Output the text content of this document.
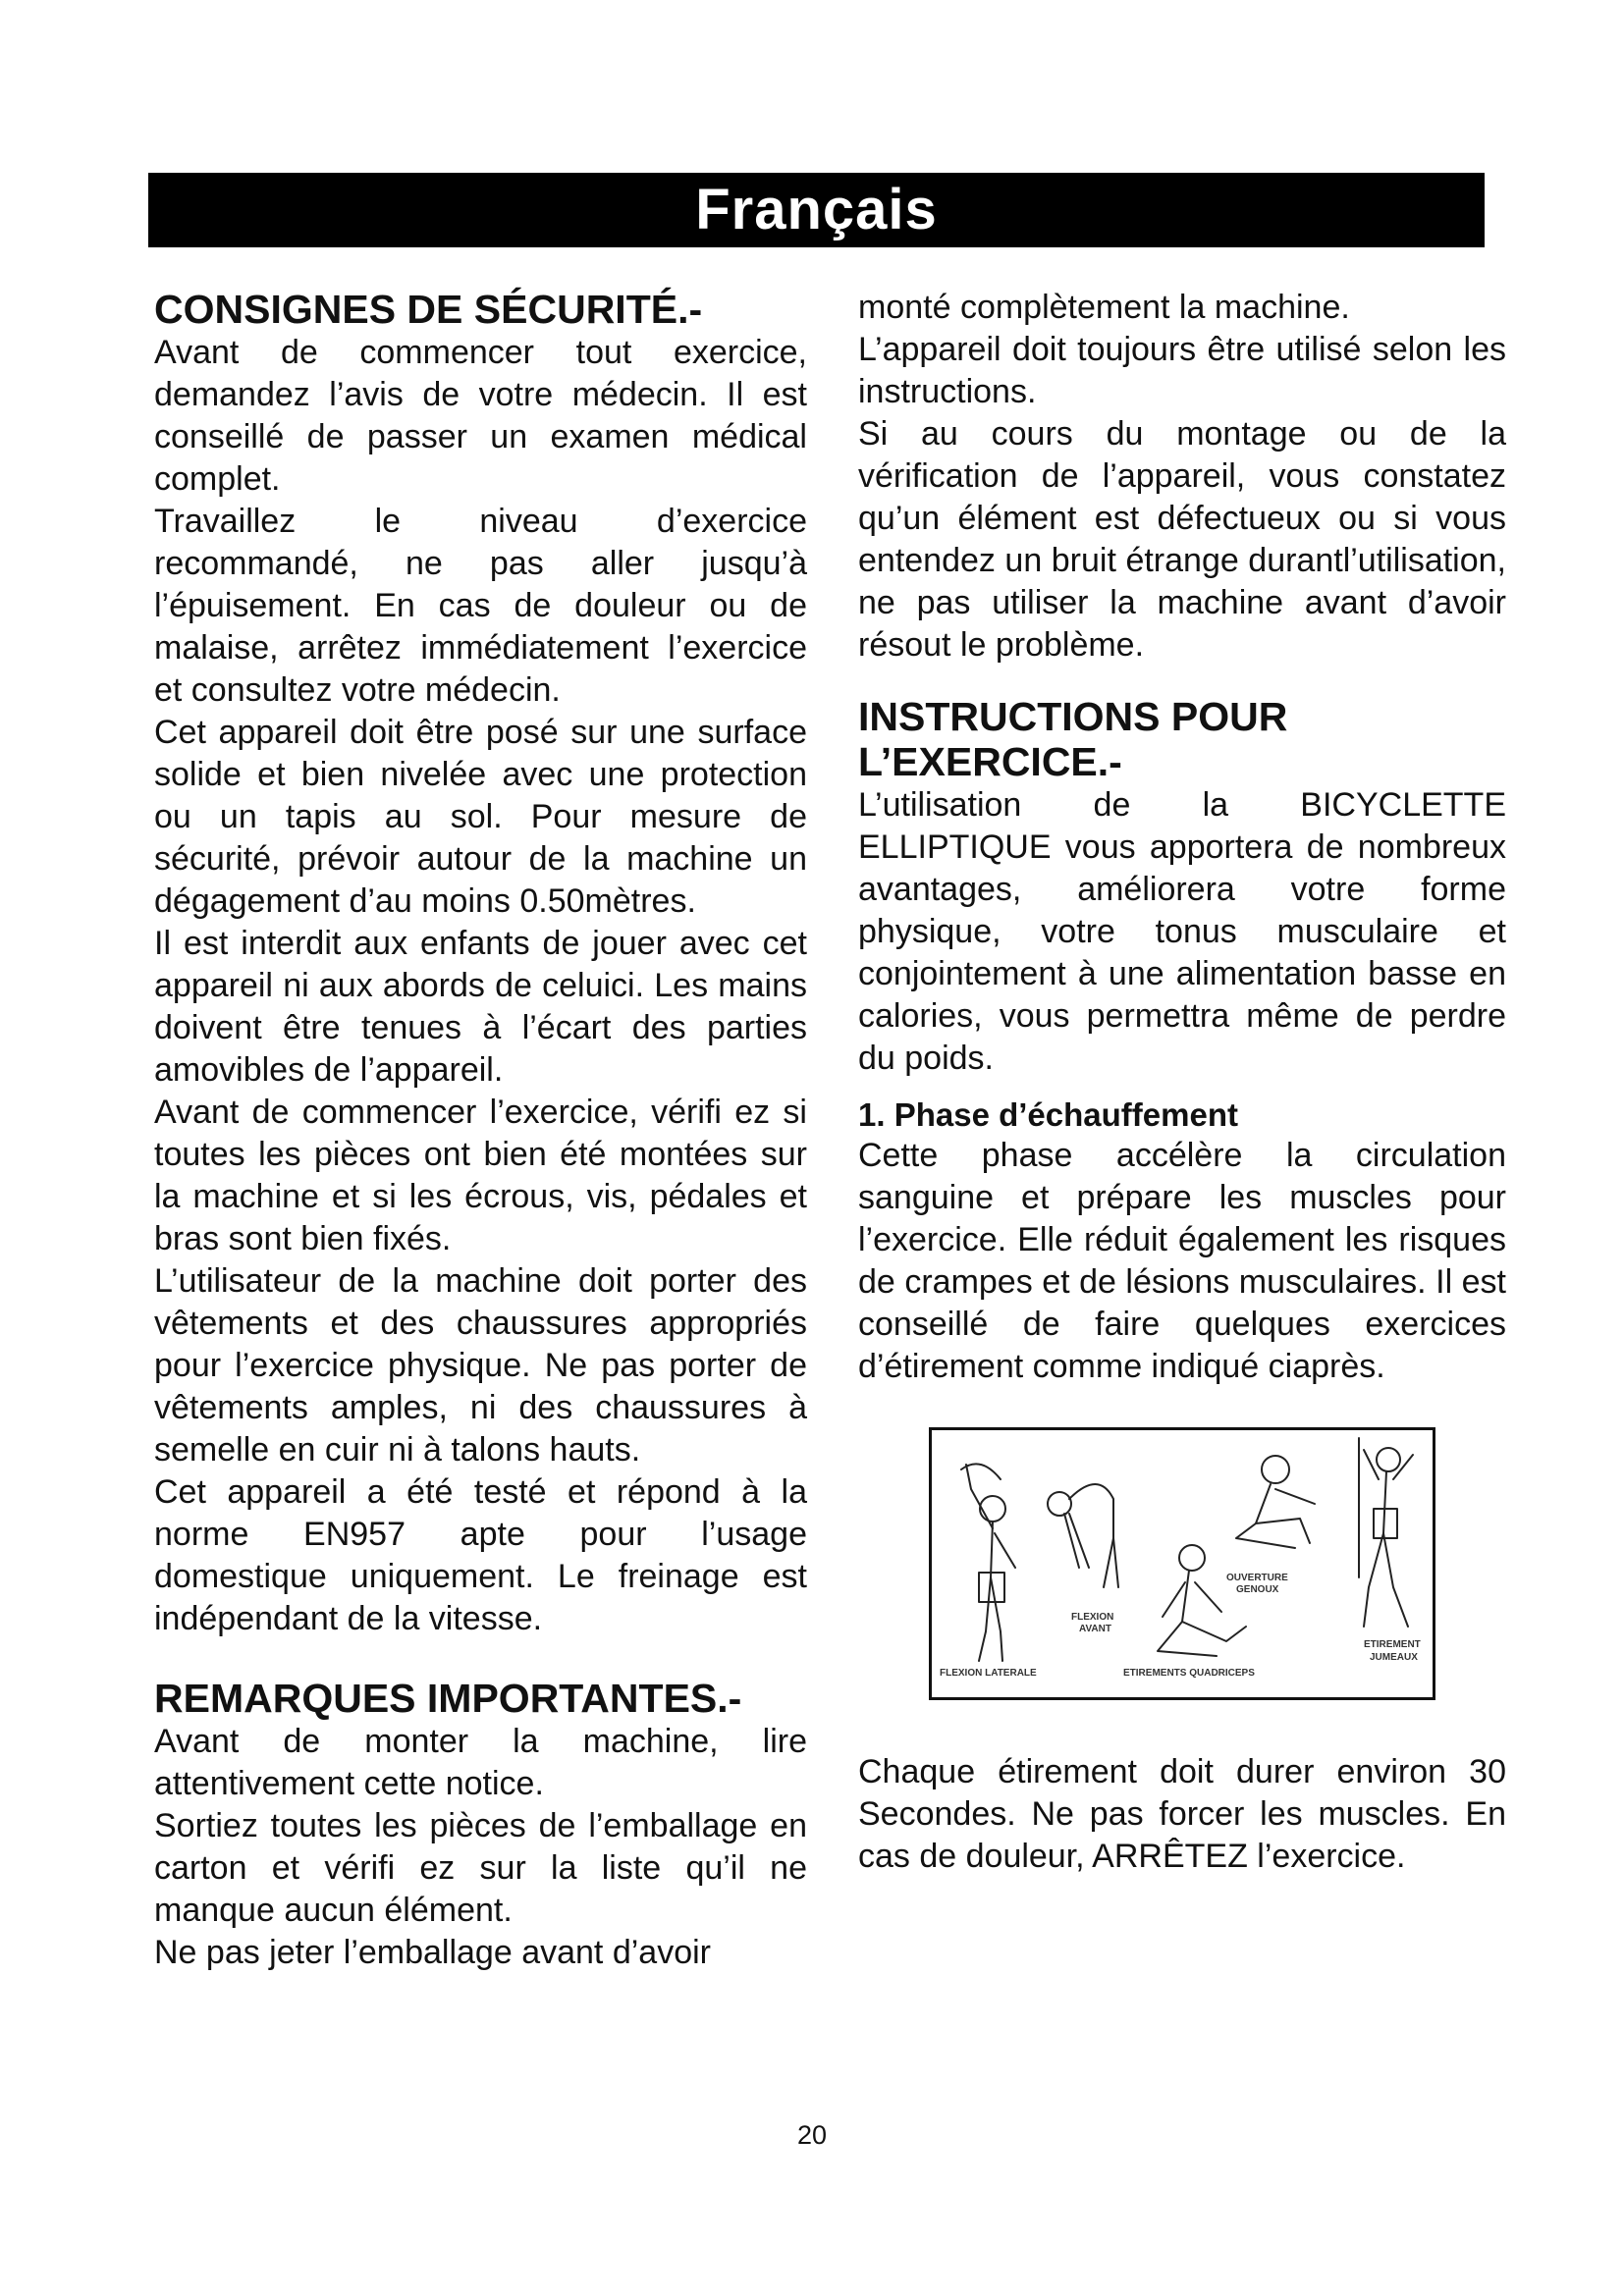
Français
CONSIGNES DE SÉCURITÉ.-

Avant de commencer tout exercice, demandez l’avis de votre médecin. Il est conseillé de passer un examen médical complet.

Travaillez le niveau d’exercice recommandé, ne pas aller jusqu’à l’épuisement. En cas de douleur ou de malaise, arrêtez immédiatement l’exercice et consultez votre médecin.

Cet appareil doit être posé sur une surface solide et bien nivelée avec une protection ou un tapis au sol. Pour mesure de sécurité, prévoir autour de la machine un dégagement d’au moins 0.50mètres.

Il est interdit aux enfants de jouer avec cet appareil ni aux abords de celuici. Les mains doivent être tenues à l’écart des parties amovibles de l’appareil.

Avant de commencer l’exercice, vérifi ez si toutes les pièces ont bien été montées sur la machine et si les écrous, vis, pédales et bras sont bien fixés.

L’utilisateur de la machine doit porter des vêtements et des chaussures appropriés pour l’exercice physique. Ne pas porter de vêtements amples, ni des chaussures à semelle en cuir ni à talons hauts.

Cet appareil a été testé et répond à la norme EN957 apte pour l’usage domestique uniquement. Le freinage est indépendant de la vitesse.

REMARQUES IMPORTANTES.-

Avant de monter la machine, lire attentivement cette notice.

Sortiez toutes les pièces de l’emballage en carton et vérifi ez sur la liste qu’il ne manque aucun élément.

Ne pas jeter l’emballage avant d’avoir

monté complètement la machine.

L’appareil doit toujours être utilisé selon les instructions.

Si au cours du montage ou de la vérification de l’appareil, vous constatez qu’un élément est défectueux ou si vous entendez un bruit étrange durantl’utilisation, ne pas utiliser la machine avant d’avoir résout le problème.

INSTRUCTIONS POUR L’EXERCICE.-

L’utilisation de la BICYCLETTE ELLIPTIQUE vous apportera de nombreux avantages, améliorera votre forme physique, votre tonus musculaire et conjointement à une alimentation basse en calories, vous permettra même de perdre du poids.

1. Phase d’échauffement

Cette phase accélère la circulation sanguine et prépare les muscles pour l’exercice. Elle réduit également les risques de crampes et de lésions musculaires. Il est conseillé de faire quelques exercices d’étirement comme indiqué ciaprès.

FLEXION LATERALE
FLEXION
AVANT
ETIREMENTS QUADRICEPS
OUVERTURE
GENOUX
ETIREMENT
JUMEAUX

Chaque étirement doit durer environ 30 Secondes. Ne pas forcer les muscles. En cas de douleur, ARRÊTEZ l’exercice.

20
